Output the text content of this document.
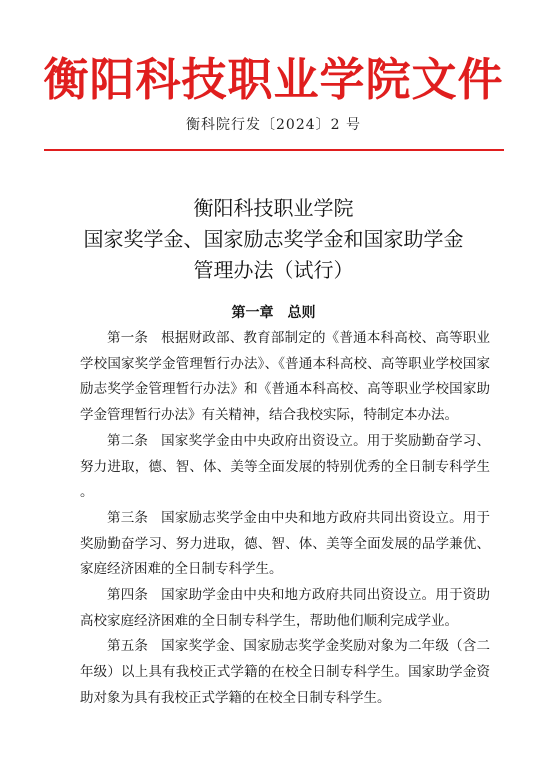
衡阳科技职业学院文件
衡科院行发〔2024〕2 号
衡阳科技职业学院
国家奖学金、国家励志奖学金和国家助学金
管理办法（试行）
第一章 总则

第一条 根据财政部、教育部制定的《普通本科高校、高等职业学校国家奖学金管理暂行办法》、《普通本科高校、高等职业学校国家励志奖学金管理暂行办法》和《普通本科高校、高等职业学校国家助学金管理暂行办法》有关精神，结合我校实际，特制定本办法。

第二条 国家奖学金由中央政府出资设立。用于奖励勤奋学习、努力进取，德、智、体、美等全面发展的特别优秀的全日制专科学生。

第三条 国家励志奖学金由中央和地方政府共同出资设立。用于奖励勤奋学习、努力进取，德、智、体、美等全面发展的品学兼优、家庭经济困难的全日制专科学生。

第四条 国家助学金由中央和地方政府共同出资设立。用于资助高校家庭经济困难的全日制专科学生，帮助他们顺利完成学业。

第五条 国家奖学金、国家励志奖学金奖励对象为二年级（含二年级）以上具有我校正式学籍的在校全日制专科学生。国家助学金资助对象为具有我校正式学籍的在校全日制专科学生。
